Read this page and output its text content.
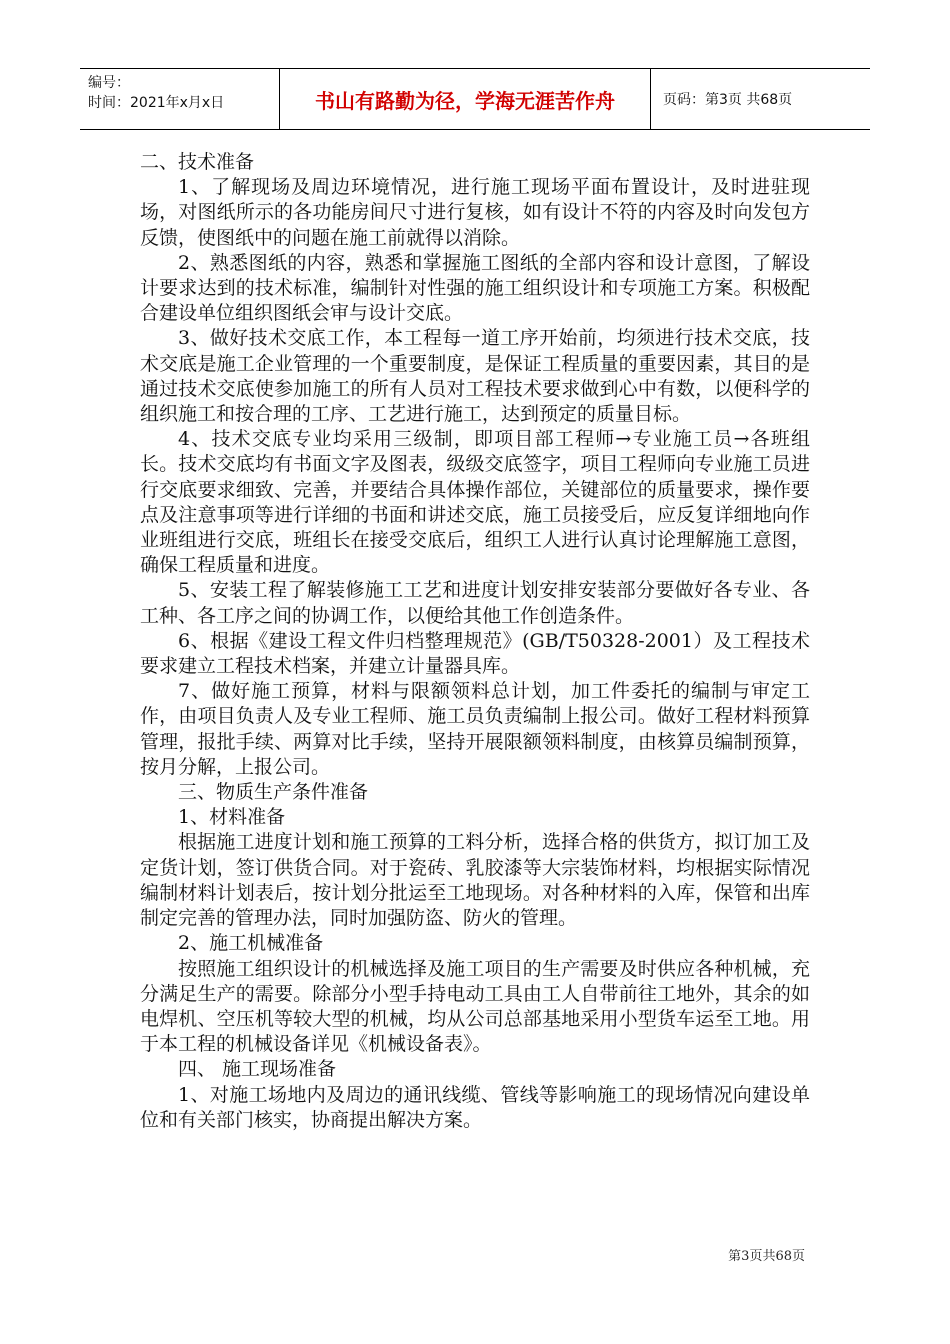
编号：
时间：2021年x月x日	书山有路勤为径，学海无涯苦作舟	页码：第3页 共68页

二、技术准备

1、了解现场及周边环境情况，进行施工现场平面布置设计，及时进驻现场，对图纸所示的各功能房间尺寸进行复核，如有设计不符的内容及时向发包方反馈，使图纸中的问题在施工前就得以消除。

2、熟悉图纸的内容，熟悉和掌握施工图纸的全部内容和设计意图，了解设计要求达到的技术标准，编制针对性强的施工组织设计和专项施工方案。积极配合建设单位组织图纸会审与设计交底。

3、做好技术交底工作，本工程每一道工序开始前，均须进行技术交底，技术交底是施工企业管理的一个重要制度，是保证工程质量的重要因素，其目的是通过技术交底使参加施工的所有人员对工程技术要求做到心中有数，以便科学的组织施工和按合理的工序、工艺进行施工，达到预定的质量目标。

4、技术交底专业均采用三级制，即项目部工程师→专业施工员→各班组长。技术交底均有书面文字及图表，级级交底签字，项目工程师向专业施工员进行交底要求细致、完善，并要结合具体操作部位，关键部位的质量要求，操作要点及注意事项等进行详细的书面和讲述交底，施工员接受后，应反复详细地向作业班组进行交底，班组长在接受交底后，组织工人进行认真讨论理解施工意图，确保工程质量和进度。

5、安装工程了解装修施工工艺和进度计划安排安装部分要做好各专业、各工种、各工序之间的协调工作，以便给其他工作创造条件。

6、根据《建设工程文件归档整理规范》(GB/T50328-2001）及工程技术要求建立工程技术档案，并建立计量器具库。

7、做好施工预算，材料与限额领料总计划，加工件委托的编制与审定工作，由项目负责人及专业工程师、施工员负责编制上报公司。做好工程材料预算管理，报批手续、两算对比手续，坚持开展限额领料制度，由核算员编制预算，按月分解，上报公司。

三、物质生产条件准备

1、材料准备

根据施工进度计划和施工预算的工料分析，选择合格的供货方，拟订加工及定货计划，签订供货合同。对于瓷砖、乳胶漆等大宗装饰材料，均根据实际情况编制材料计划表后，按计划分批运至工地现场。对各种材料的入库，保管和出库制定完善的管理办法，同时加强防盗、防火的管理。

2、施工机械准备

按照施工组织设计的机械选择及施工项目的生产需要及时供应各种机械，充分满足生产的需要。除部分小型手持电动工具由工人自带前往工地外，其余的如电焊机、空压机等较大型的机械，均从公司总部基地采用小型货车运至工地。用于本工程的机械设备详见《机械设备表》。

四、 施工现场准备

1、对施工场地内及周边的通讯线缆、管线等影响施工的现场情况向建设单位和有关部门核实，协商提出解决方案。

第3页共68页
